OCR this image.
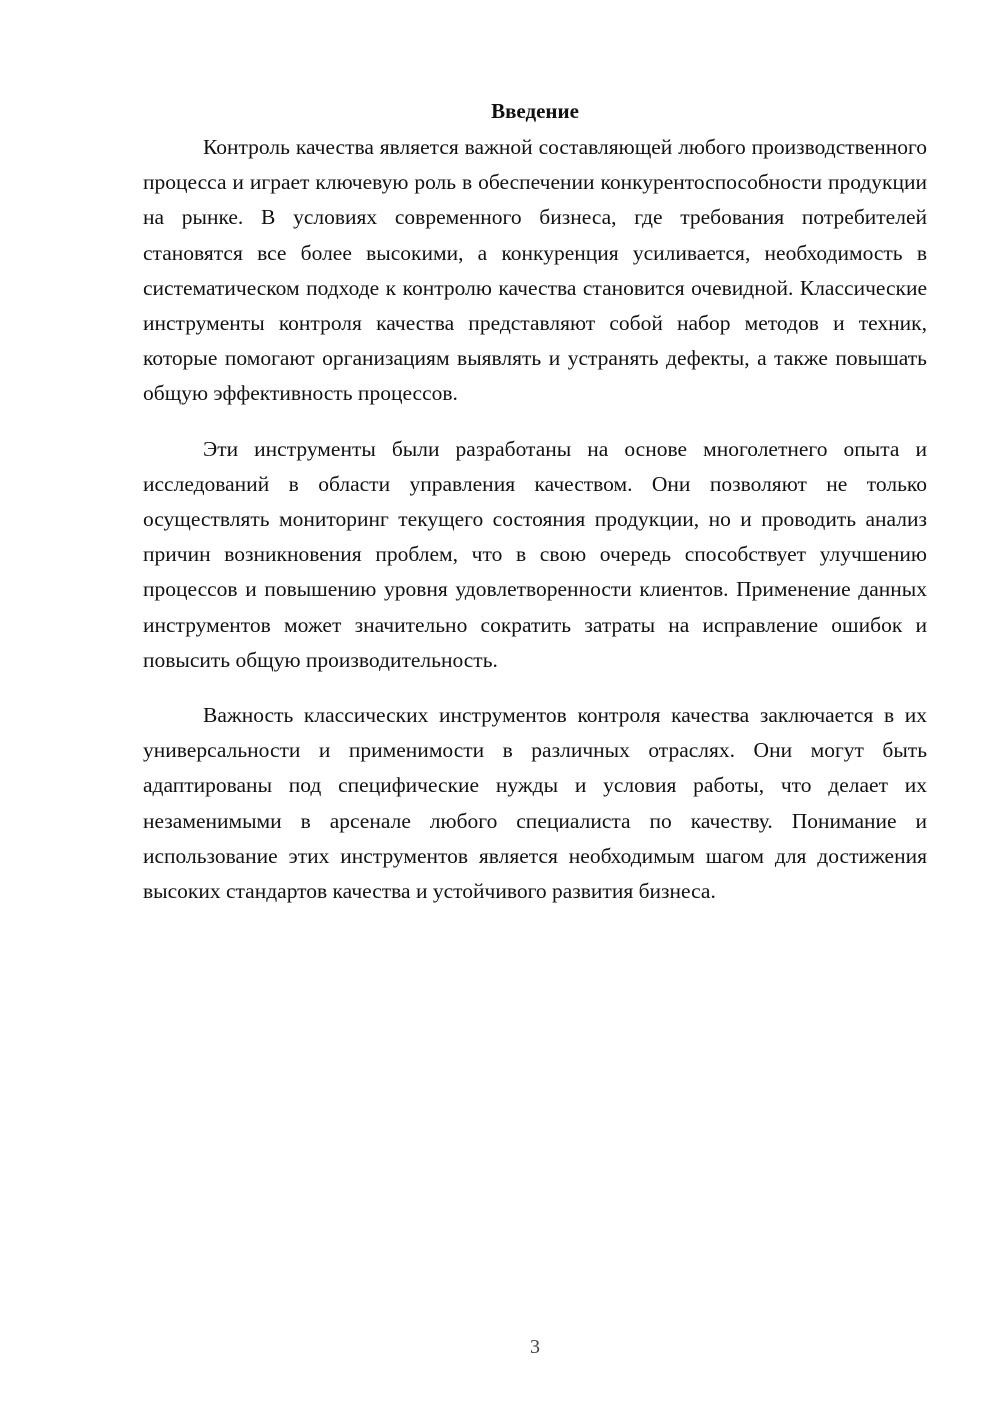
Введение

Контроль качества является важной составляющей любого производственного процесса и играет ключевую роль в обеспечении конкурентоспособности продукции на рынке. В условиях современного бизнеса, где требования потребителей становятся все более высокими, а конкуренция усиливается, необходимость в систематическом подходе к контролю качества становится очевидной. Классические инструменты контроля качества представляют собой набор методов и техник, которые помогают организациям выявлять и устранять дефекты, а также повышать общую эффективность процессов.

Эти инструменты были разработаны на основе многолетнего опыта и исследований в области управления качеством. Они позволяют не только осуществлять мониторинг текущего состояния продукции, но и проводить анализ причин возникновения проблем, что в свою очередь способствует улучшению процессов и повышению уровня удовлетворенности клиентов. Применение данных инструментов может значительно сократить затраты на исправление ошибок и повысить общую производительность.

Важность классических инструментов контроля качества заключается в их универсальности и применимости в различных отраслях. Они могут быть адаптированы под специфические нужды и условия работы, что делает их незаменимыми в арсенале любого специалиста по качеству. Понимание и использование этих инструментов является необходимым шагом для достижения высоких стандартов качества и устойчивого развития бизнеса.

3
